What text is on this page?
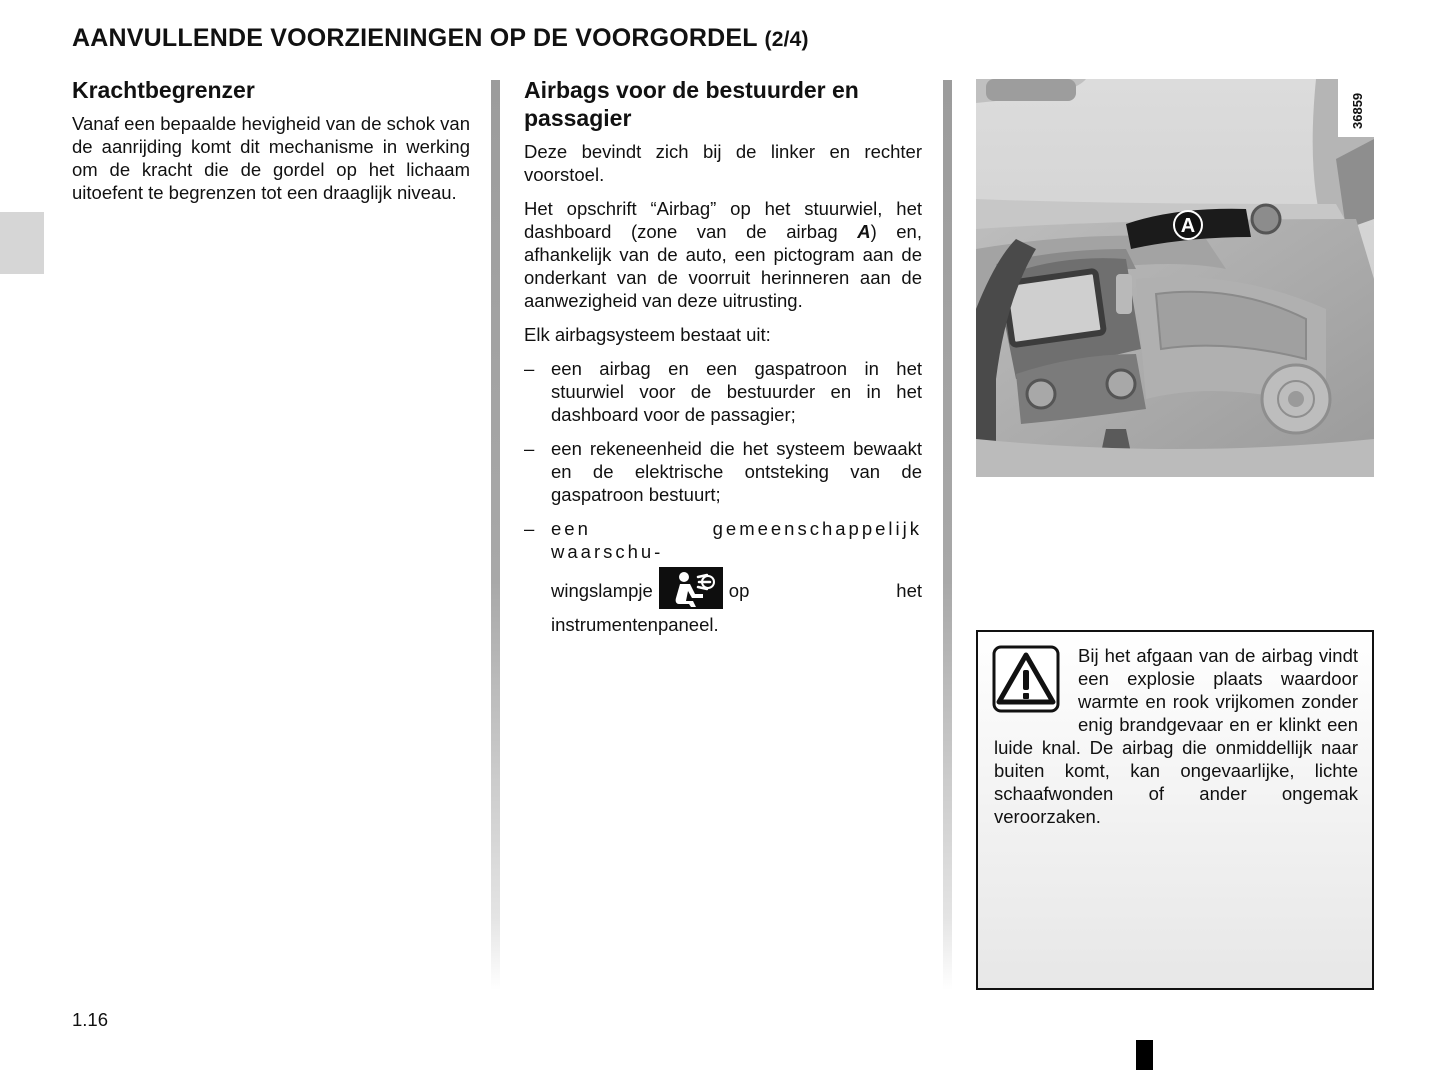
AANVULLENDE VOORZIENINGEN OP DE VOORGORDEL (2/4)
Krachtbegrenzer

Vanaf een bepaalde hevigheid van de schok van de aanrijding komt dit mechanisme in werking om de kracht die de gordel op het lichaam uitoefent te begrenzen tot een draaglijk niveau.

Airbags voor de bestuurder en passagier

Deze bevindt zich bij de linker en rechter voorstoel.

Het opschrift “Airbag” op het stuurwiel, het dashboard (zone van de airbag A) en, afhankelijk van de auto, een pictogram aan de onderkant van de voorruit herinneren aan de aanwezigheid van deze uitrusting.

Elk airbagsysteem bestaat uit:

– een airbag en een gaspatroon in het stuurwiel voor de bestuurder en in het dashboard voor de passagier;
– een rekeneenheid die het systeem bewaakt en de elektrische ontsteking van de gaspatroon bestuurt;
– een gemeenschappelijk waarschu-
wingslampje	op het instrumentenpaneel.
A
36859
Bij het afgaan van de airbag vindt een explosie plaats waardoor warmte en rook vrijkomen zonder enig brandgevaar en er klinkt een luide knal. De airbag die onmiddellijk naar buiten komt, kan ongevaarlijke, lichte schaafwonden of ander ongemak veroorzaken.
1.16
